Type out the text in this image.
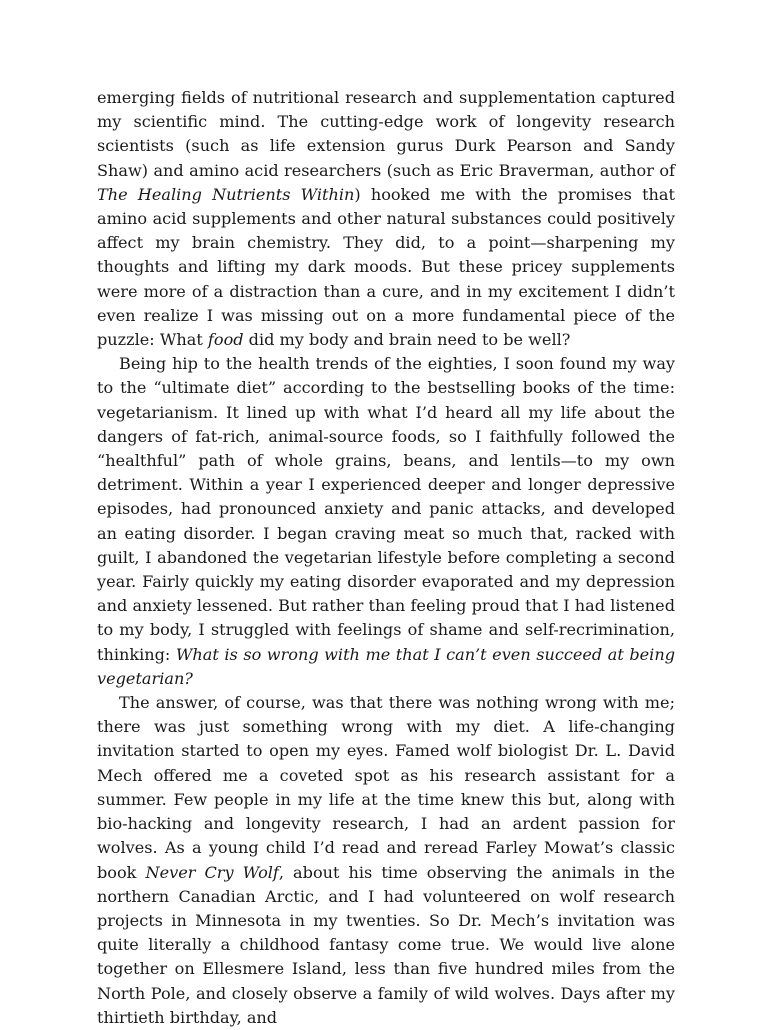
emerging fields of nutritional research and supplementation captured my scientific mind. The cutting-edge work of longevity research scientists (such as life extension gurus Durk Pearson and Sandy Shaw) and amino acid researchers (such as Eric Braverman, author of The Healing Nutrients Within) hooked me with the promises that amino acid supplements and other natural substances could positively affect my brain chemistry. They did, to a point—sharpening my thoughts and lifting my dark moods. But these pricey supplements were more of a distraction than a cure, and in my excitement I didn’t even realize I was missing out on a more fundamental piece of the puzzle: What food did my body and brain need to be well?

Being hip to the health trends of the eighties, I soon found my way to the “ultimate diet” according to the bestselling books of the time: vegetarianism. It lined up with what I’d heard all my life about the dangers of fat-rich, animal-source foods, so I faithfully followed the “healthful” path of whole grains, beans, and lentils—to my own detriment. Within a year I experienced deeper and longer depressive episodes, had pronounced anxiety and panic attacks, and developed an eating disorder. I began craving meat so much that, racked with guilt, I abandoned the vegetarian lifestyle before completing a second year. Fairly quickly my eating disorder evaporated and my depression and anxiety lessened. But rather than feeling proud that I had listened to my body, I struggled with feelings of shame and self-recrimination, thinking: What is so wrong with me that I can’t even succeed at being vegetarian?

The answer, of course, was that there was nothing wrong with me; there was just something wrong with my diet. A life-changing invitation started to open my eyes. Famed wolf biologist Dr. L. David Mech offered me a coveted spot as his research assistant for a summer. Few people in my life at the time knew this but, along with bio-hacking and longevity research, I had an ardent passion for wolves. As a young child I’d read and reread Farley Mowat’s classic book Never Cry Wolf, about his time observing the animals in the northern Canadian Arctic, and I had volunteered on wolf research projects in Minnesota in my twenties. So Dr. Mech’s invitation was quite literally a childhood fantasy come true. We would live alone together on Ellesmere Island, less than five hundred miles from the North Pole, and closely observe a family of wild wolves. Days after my thirtieth birthday, and
